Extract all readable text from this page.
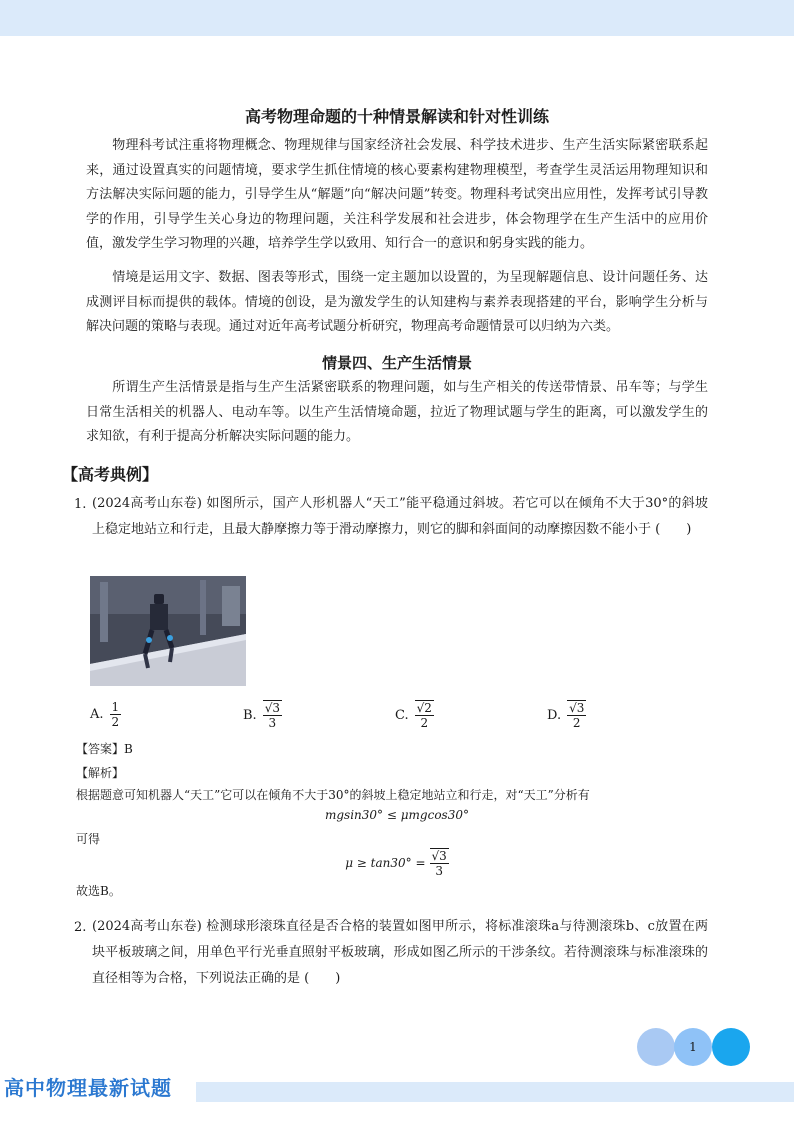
高考物理命题的十种情景解读和针对性训练
物理科考试注重将物理概念、物理规律与国家经济社会发展、科学技术进步、生产生活实际紧密联系起来，通过设置真实的问题情境，要求学生抓住情境的核心要素构建物理模型，考查学生灵活运用物理知识和方法解决实际问题的能力，引导学生从“解题”向“解决问题”转变。物理科考试突出应用性，发挥考试引导教学的作用，引导学生关心身边的物理问题，关注科学发展和社会进步，体会物理学在生产生活中的应用价值，激发学生学习物理的兴趣，培养学生学以致用、知行合一的意识和躬身实践的能力。
情境是运用文字、数据、图表等形式，围绕一定主题加以设置的，为呈现解题信息、设计问题任务、达成测评目标而提供的载体。情境的创设，是为激发学生的认知建构与素养表现搭建的平台，影响学生分析与解决问题的策略与表现。通过对近年高考试题分析研究，物理高考命题情景可以归纳为六类。
情景四、生产生活情景
所谓生产生活情景是指与生产生活紧密联系的物理问题，如与生产相关的传送带情景、吊车等；与学生日常生活相关的机器人、电动车等。以生产生活情境命题，拉近了物理试题与学生的距离，可以激发学生的求知欲，有利于提高分析解决实际问题的能力。
【高考典例】
1. (2024高考山东卷) 如图所示，国产人形机器人“天工”能平稳通过斜坡。若它可以在倾角不大于30°的斜坡上稳定地站立和行走，且最大静摩擦力等于滑动摩擦力，则它的脚和斜面间的动摩擦因数不能小于 (　　)
A. $\frac{1}{2}$	B. $\frac{√3}{3}$	C. $\frac{√2}{2}$	D. $\frac{√3}{2}$
【答案】B
【解析】
根据题意可知机器人“天工”它可以在倾角不大于30°的斜坡上稳定地站立和行走，对“天工”分析有
mgsin30° ≤ μmgcos30°
可得
$\mu \ge \tan 30^\circ = \frac{√3}{3}$
故选B。
2. (2024高考山东卷) 检测球形滚珠直径是否合格的装置如图甲所示，将标准滚珠a与待测滚珠b、c放置在两块平板玻璃之间，用单色平行光垂直照射平板玻璃，形成如图乙所示的干涉条纹。若待测滚珠与标准滚珠的直径相等为合格，下列说法正确的是 (　　)
1
高中物理最新试题
